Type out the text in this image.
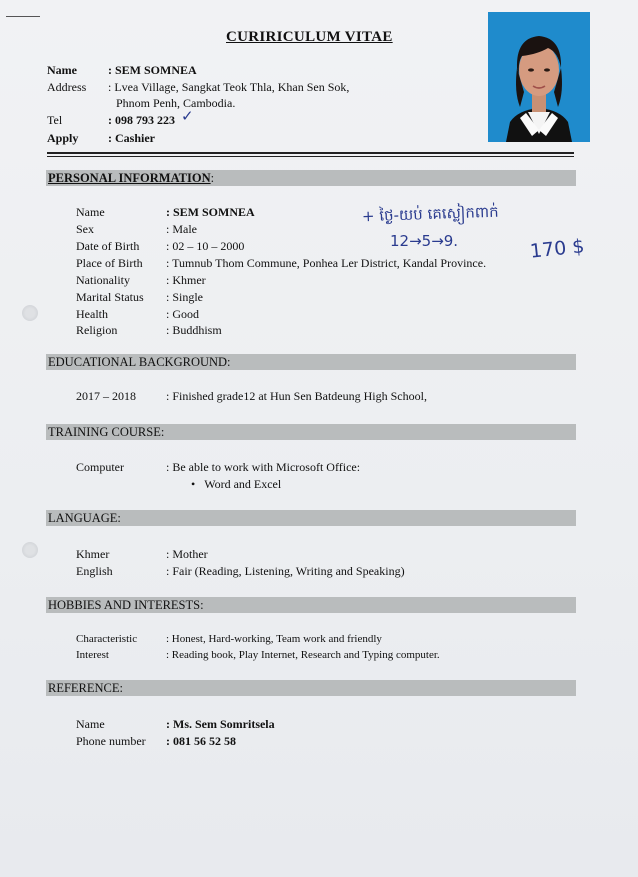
CURIRICULUM VITAE
Name	: SEM SOMNEA
Address	: Lvea Village, Sangkat Teok Thla, Khan Sen Sok,
Phnom Penh, Cambodia.
Tel	: 098 793 223 ✓
Apply	: Cashier
PERSONAL INFORMATION:
Name	: SEM SOMNEA
Sex	: Male
Date of Birth	: 02 – 10 – 2000
Place of Birth	: Tumnub Thom Commune, Ponhea Ler District, Kandal Province.
Nationality	: Khmer
Marital Status	: Single
Health	: Good
Religion	: Buddhism
+ ថ្ងៃ-យប់ គេស្លៀកពាក់
12→5→9.	170 $
EDUCATIONAL BACKGROUND:
2017 – 2018	: Finished grade12 at Hun Sen Batdeung High School,
TRAINING COURSE:
Computer	: Be able to work with Microsoft Office:
• Word and Excel
LANGUAGE:
Khmer	: Mother
English	: Fair (Reading, Listening, Writing and Speaking)
HOBBIES AND INTERESTS:
Characteristic	: Honest, Hard-working, Team work and friendly
Interest	: Reading book, Play Internet, Research and Typing computer.
REFERENCE:
Name	: Ms. Sem Somritsela
Phone number	: 081 56 52 58
